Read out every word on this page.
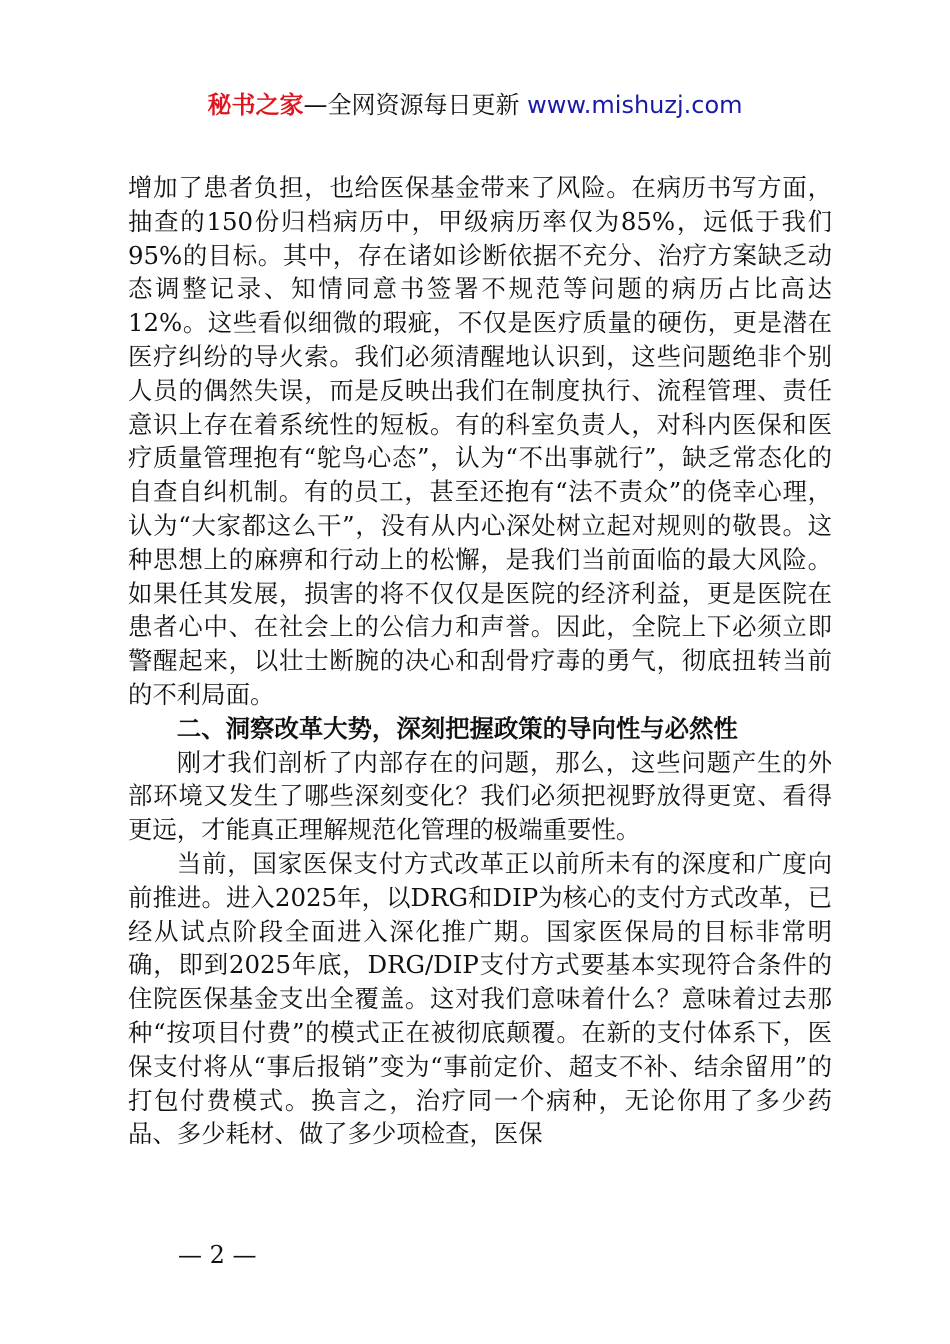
秘书之家—全网资源每日更新 www.mishuzj.com

增加了患者负担，也给医保基金带来了风险。在病历书写方面，抽查的150份归档病历中，甲级病历率仅为85%，远低于我们95%的目标。其中，存在诸如诊断依据不充分、治疗方案缺乏动态调整记录、知情同意书签署不规范等问题的病历占比高达12%。这些看似细微的瑕疵，不仅是医疗质量的硬伤，更是潜在医疗纠纷的导火索。我们必须清醒地认识到，这些问题绝非个别人员的偶然失误，而是反映出我们在制度执行、流程管理、责任意识上存在着系统性的短板。有的科室负责人，对科内医保和医疗质量管理抱有“鸵鸟心态”，认为“不出事就行”，缺乏常态化的自查自纠机制。有的员工，甚至还抱有“法不责众”的侥幸心理，认为“大家都这么干”，没有从内心深处树立起对规则的敬畏。这种思想上的麻痹和行动上的松懈，是我们当前面临的最大风险。如果任其发展，损害的将不仅仅是医院的经济利益，更是医院在患者心中、在社会上的公信力和声誉。因此，全院上下必须立即警醒起来，以壮士断腕的决心和刮骨疗毒的勇气，彻底扭转当前的不利局面。

二、洞察改革大势，深刻把握政策的导向性与必然性

刚才我们剖析了内部存在的问题，那么，这些问题产生的外部环境又发生了哪些深刻变化？我们必须把视野放得更宽、看得更远，才能真正理解规范化管理的极端重要性。

当前，国家医保支付方式改革正以前所未有的深度和广度向前推进。进入2025年，以DRG和DIP为核心的支付方式改革，已经从试点阶段全面进入深化推广期。国家医保局的目标非常明确，即到2025年底，DRG/DIP支付方式要基本实现符合条件的住院医保基金支出全覆盖。这对我们意味着什么？意味着过去那种“按项目付费”的模式正在被彻底颠覆。在新的支付体系下，医保支付将从“事后报销”变为“事前定价、超支不补、结余留用”的打包付费模式。换言之，治疗同一个病种，无论你用了多少药品、多少耗材、做了多少项检查，医保

— 2 —
